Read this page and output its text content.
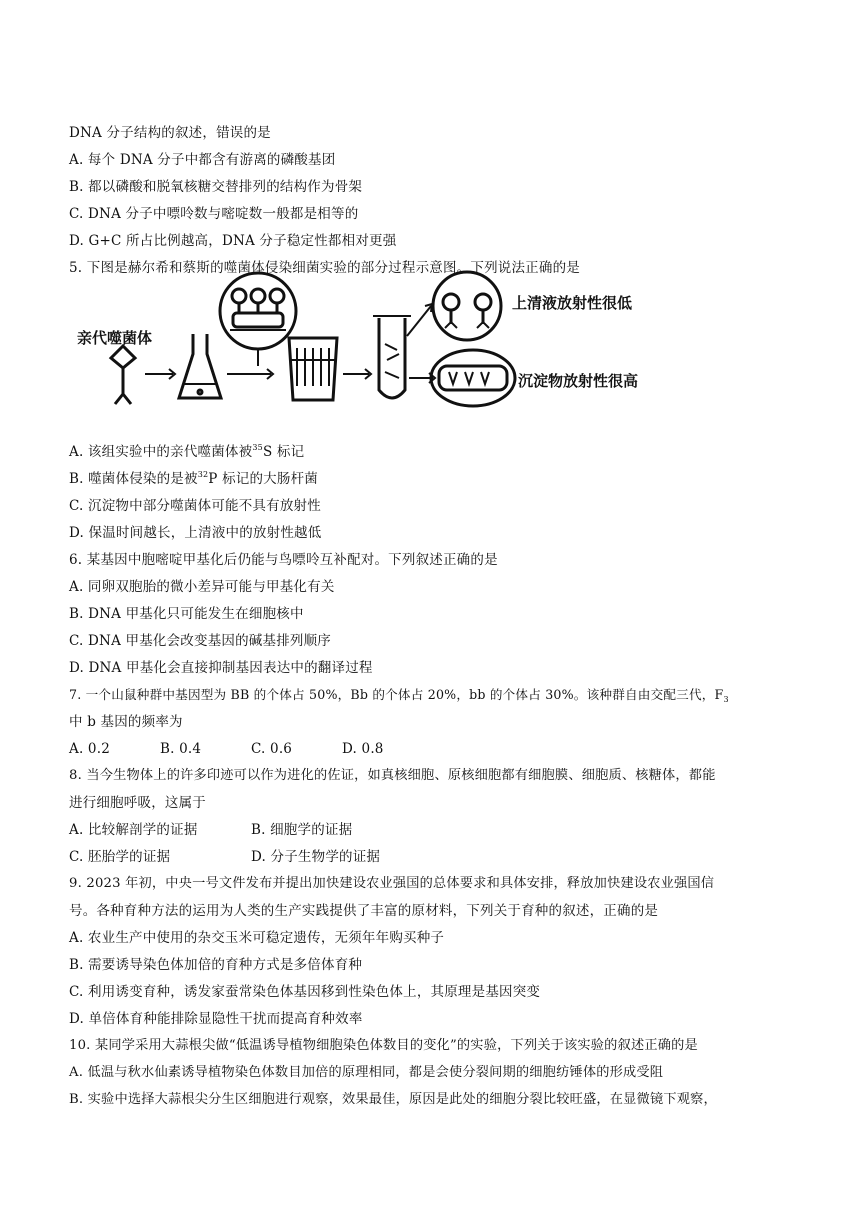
DNA 分子结构的叙述，错误的是
A. 每个 DNA 分子中都含有游离的磷酸基团
B. 都以磷酸和脱氧核糖交替排列的结构作为骨架
C. DNA 分子中嘌呤数与嘧啶数一般都是相等的
D. G+C 所占比例越高，DNA 分子稳定性都相对更强
5. 下图是赫尔希和蔡斯的噬菌体侵染细菌实验的部分过程示意图。下列说法正确的是
亲代噬菌体
上清液放射性很低
沉淀物放射性很高
A. 该组实验中的亲代噬菌体被$^{35}$S 标记
B. 噬菌体侵染的是被$^{32}$P 标记的大肠杆菌
C. 沉淀物中部分噬菌体可能不具有放射性
D. 保温时间越长，上清液中的放射性越低
6. 某基因中胞嘧啶甲基化后仍能与鸟嘌呤互补配对。下列叙述正确的是
A. 同卵双胞胎的微小差异可能与甲基化有关
B. DNA 甲基化只可能发生在细胞核中
C. DNA 甲基化会改变基因的碱基排列顺序
D. DNA 甲基化会直接抑制基因表达中的翻译过程
7. 一个山鼠种群中基因型为 BB 的个体占 50%，Bb 的个体占 20%，bb 的个体占 30%。该种群自由交配三代，$F_3$
中 b 基因的频率为
A. 0.2	B. 0.4	C. 0.6	D. 0.8
8. 当今生物体上的许多印迹可以作为进化的佐证，如真核细胞、原核细胞都有细胞膜、细胞质、核糖体，都能
进行细胞呼吸，这属于
A. 比较解剖学的证据	B. 细胞学的证据
C. 胚胎学的证据	D. 分子生物学的证据
9. 2023 年初，中央一号文件发布并提出加快建设农业强国的总体要求和具体安排，释放加快建设农业强国信
号。各种育种方法的运用为人类的生产实践提供了丰富的原材料，下列关于育种的叙述，正确的是
A. 农业生产中使用的杂交玉米可稳定遗传，无须年年购买种子
B. 需要诱导染色体加倍的育种方式是多倍体育种
C. 利用诱变育种，诱发家蚕常染色体基因移到性染色体上，其原理是基因突变
D. 单倍体育种能排除显隐性干扰而提高育种效率
10. 某同学采用大蒜根尖做“低温诱导植物细胞染色体数目的变化”的实验，下列关于该实验的叙述正确的是
A. 低温与秋水仙素诱导植物染色体数目加倍的原理相同，都是会使分裂间期的细胞纺锤体的形成受阻
B. 实验中选择大蒜根尖分生区细胞进行观察，效果最佳，原因是此处的细胞分裂比较旺盛，在显微镜下观察，
